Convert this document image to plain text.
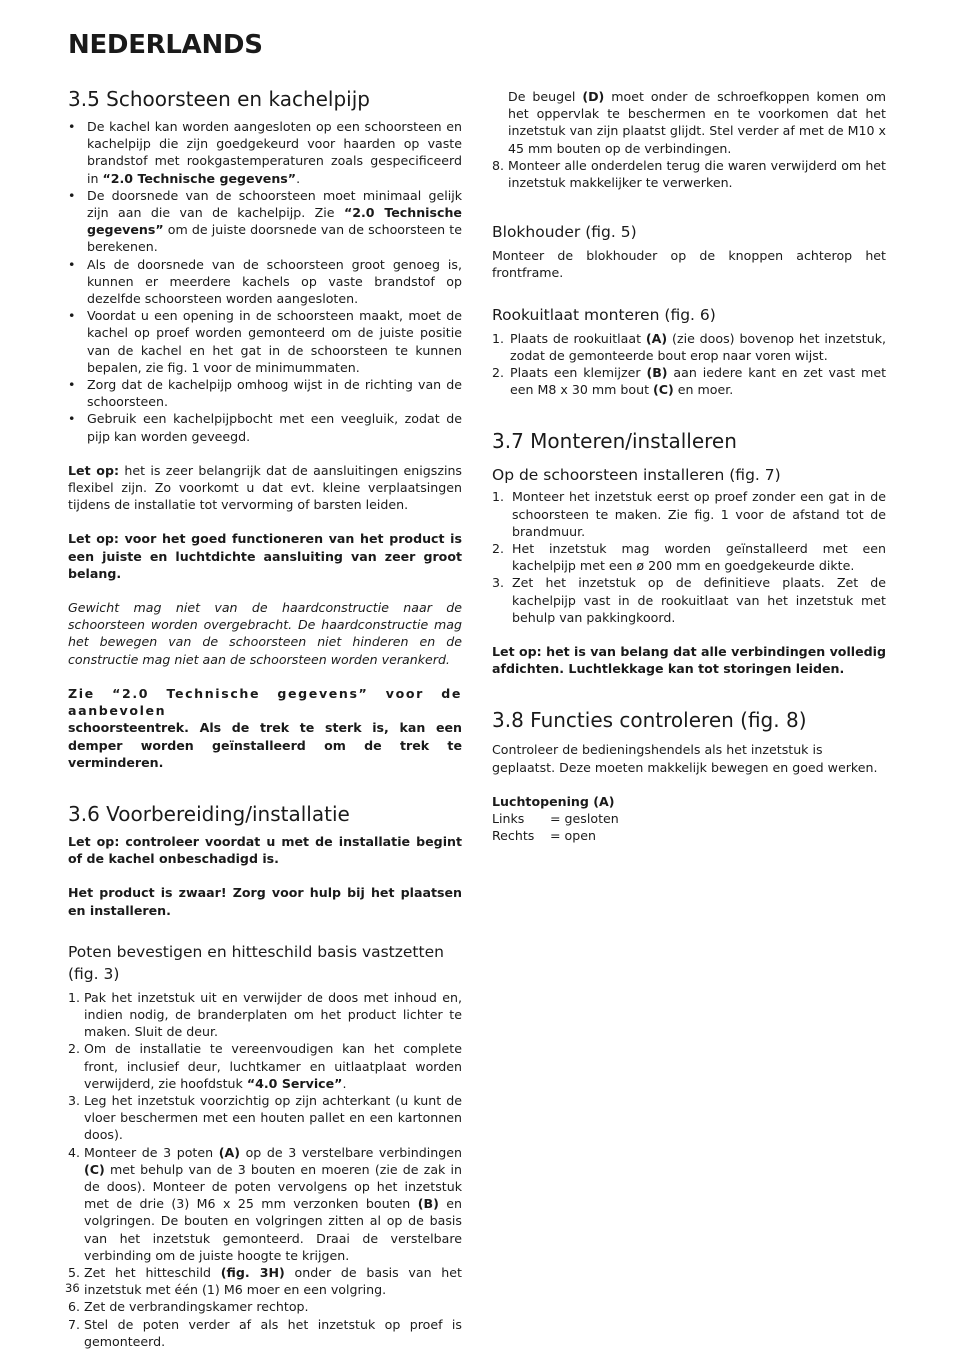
NEDERLANDS
3.5 Schoorsteen en kachelpijp
• De kachel kan worden aangesloten op een schoorsteen en kachelpijp die zijn goedgekeurd voor haarden op vaste brandstof met rookgastemperaturen zoals gespecificeerd in “2.0 Technische gegevens”.
• De doorsnede van de schoorsteen moet minimaal gelijk zijn aan die van de kachelpijp. Zie “2.0 Technische gegevens” om de juiste doorsnede van de schoorsteen te berekenen.
• Als de doorsnede van de schoorsteen groot genoeg is, kunnen er meerdere kachels op vaste brandstof op dezelfde schoorsteen worden aangesloten.
• Voordat u een opening in de schoorsteen maakt, moet de kachel op proef worden gemonteerd om de juiste positie van de kachel en het gat in de schoorsteen te kunnen bepalen, zie fig. 1 voor de minimummaten.
• Zorg dat de kachelpijp omhoog wijst in de richting van de schoorsteen.
• Gebruik een kachelpijpbocht met een veegluik, zodat de pijp kan worden geveegd.

Let op: het is zeer belangrijk dat de aansluitingen enigszins flexibel zijn. Zo voorkomt u dat evt. kleine verplaatsingen tijdens de installatie tot vervorming of barsten leiden.

Let op: voor het goed functioneren van het product is een juiste en luchtdichte aansluiting van zeer groot belang.

Gewicht mag niet van de haardconstructie naar de schoorsteen worden overgebracht. De haardconstructie mag het bewegen van de schoorsteen niet hinderen en de constructie mag niet aan de schoorsteen worden verankerd.

Zie “2.0 Technische gegevens” voor de aanbevolen
schoorsteentrek. Als de trek te sterk is, kan een demper worden geïnstalleerd om de trek te verminderen.

3.6 Voorbereiding/installatie

Let op: controleer voordat u met de installatie begint of de kachel onbeschadigd is.

Het product is zwaar! Zorg voor hulp bij het plaatsen en installeren.

Poten bevestigen en hitteschild basis vastzetten (fig. 3)
1. Pak het inzetstuk uit en verwijder de doos met inhoud en, indien nodig, de branderplaten om het product lichter te maken. Sluit de deur.
2. Om de installatie te vereenvoudigen kan het complete front, inclusief deur, luchtkamer en uitlaatplaat worden verwijderd, zie hoofdstuk “4.0 Service”.
3. Leg het inzetstuk voorzichtig op zijn achterkant (u kunt de vloer beschermen met een houten pallet en een kartonnen doos).
4. Monteer de 3 poten (A) op de 3 verstelbare verbindingen (C) met behulp van de 3 bouten en moeren (zie de zak in de doos). Monteer de poten vervolgens op het inzetstuk met de drie (3) M6 x 25 mm verzonken bouten (B) en volgringen. De bouten en volgringen zitten al op de basis van het inzetstuk gemonteerd. Draai de verstelbare verbinding om de juiste hoogte te krijgen.
5. Zet het hitteschild (fig. 3H) onder de basis van het inzetstuk met één (1) M6 moer en een volgring.
6. Zet de verbrandingskamer rechtop.
7. Stel de poten verder af als het inzetstuk op proef is gemonteerd.
De beugel (D) moet onder de schroefkoppen komen om het oppervlak te beschermen en te voorkomen dat het inzetstuk van zijn plaatst glijdt. Stel verder af met de M10 x 45 mm bouten op de verbindingen.
8. Monteer alle onderdelen terug die waren verwijderd om het inzetstuk makkelijker te verwerken.
Blokhouder (fig. 5)

Monteer de blokhouder op de knoppen achterop het frontframe.

Rookuitlaat monteren (fig. 6)
1. Plaats de rookuitlaat (A) (zie doos) bovenop het inzetstuk, zodat de gemonteerde bout erop naar voren wijst.
2. Plaats een klemijzer (B) aan iedere kant en zet vast met een M8 x 30 mm bout (C) en moer.
3.7 Monteren/installeren
Op de schoorsteen installeren (fig. 7)
1. Monteer het inzetstuk eerst op proef zonder een gat in de schoorsteen te maken. Zie fig. 1 voor de afstand tot de brandmuur.
2. Het inzetstuk mag worden geïnstalleerd met een kachelpijp met een ø 200 mm en goedgekeurde dikte.
3. Zet het inzetstuk op de definitieve plaats. Zet de kachelpijp vast in de rookuitlaat van het inzetstuk met behulp van pakkingkoord.

Let op: het is van belang dat alle verbindingen volledig afdichten. Luchtlekkage kan tot storingen leiden.

3.8 Functies controleren (fig. 8)

Controleer de bedieningshendels als het inzetstuk is geplaatst. Deze moeten makkelijk bewegen en goed werken.

Luchtopening (A)

Links = gesloten

Rechts = open

36
